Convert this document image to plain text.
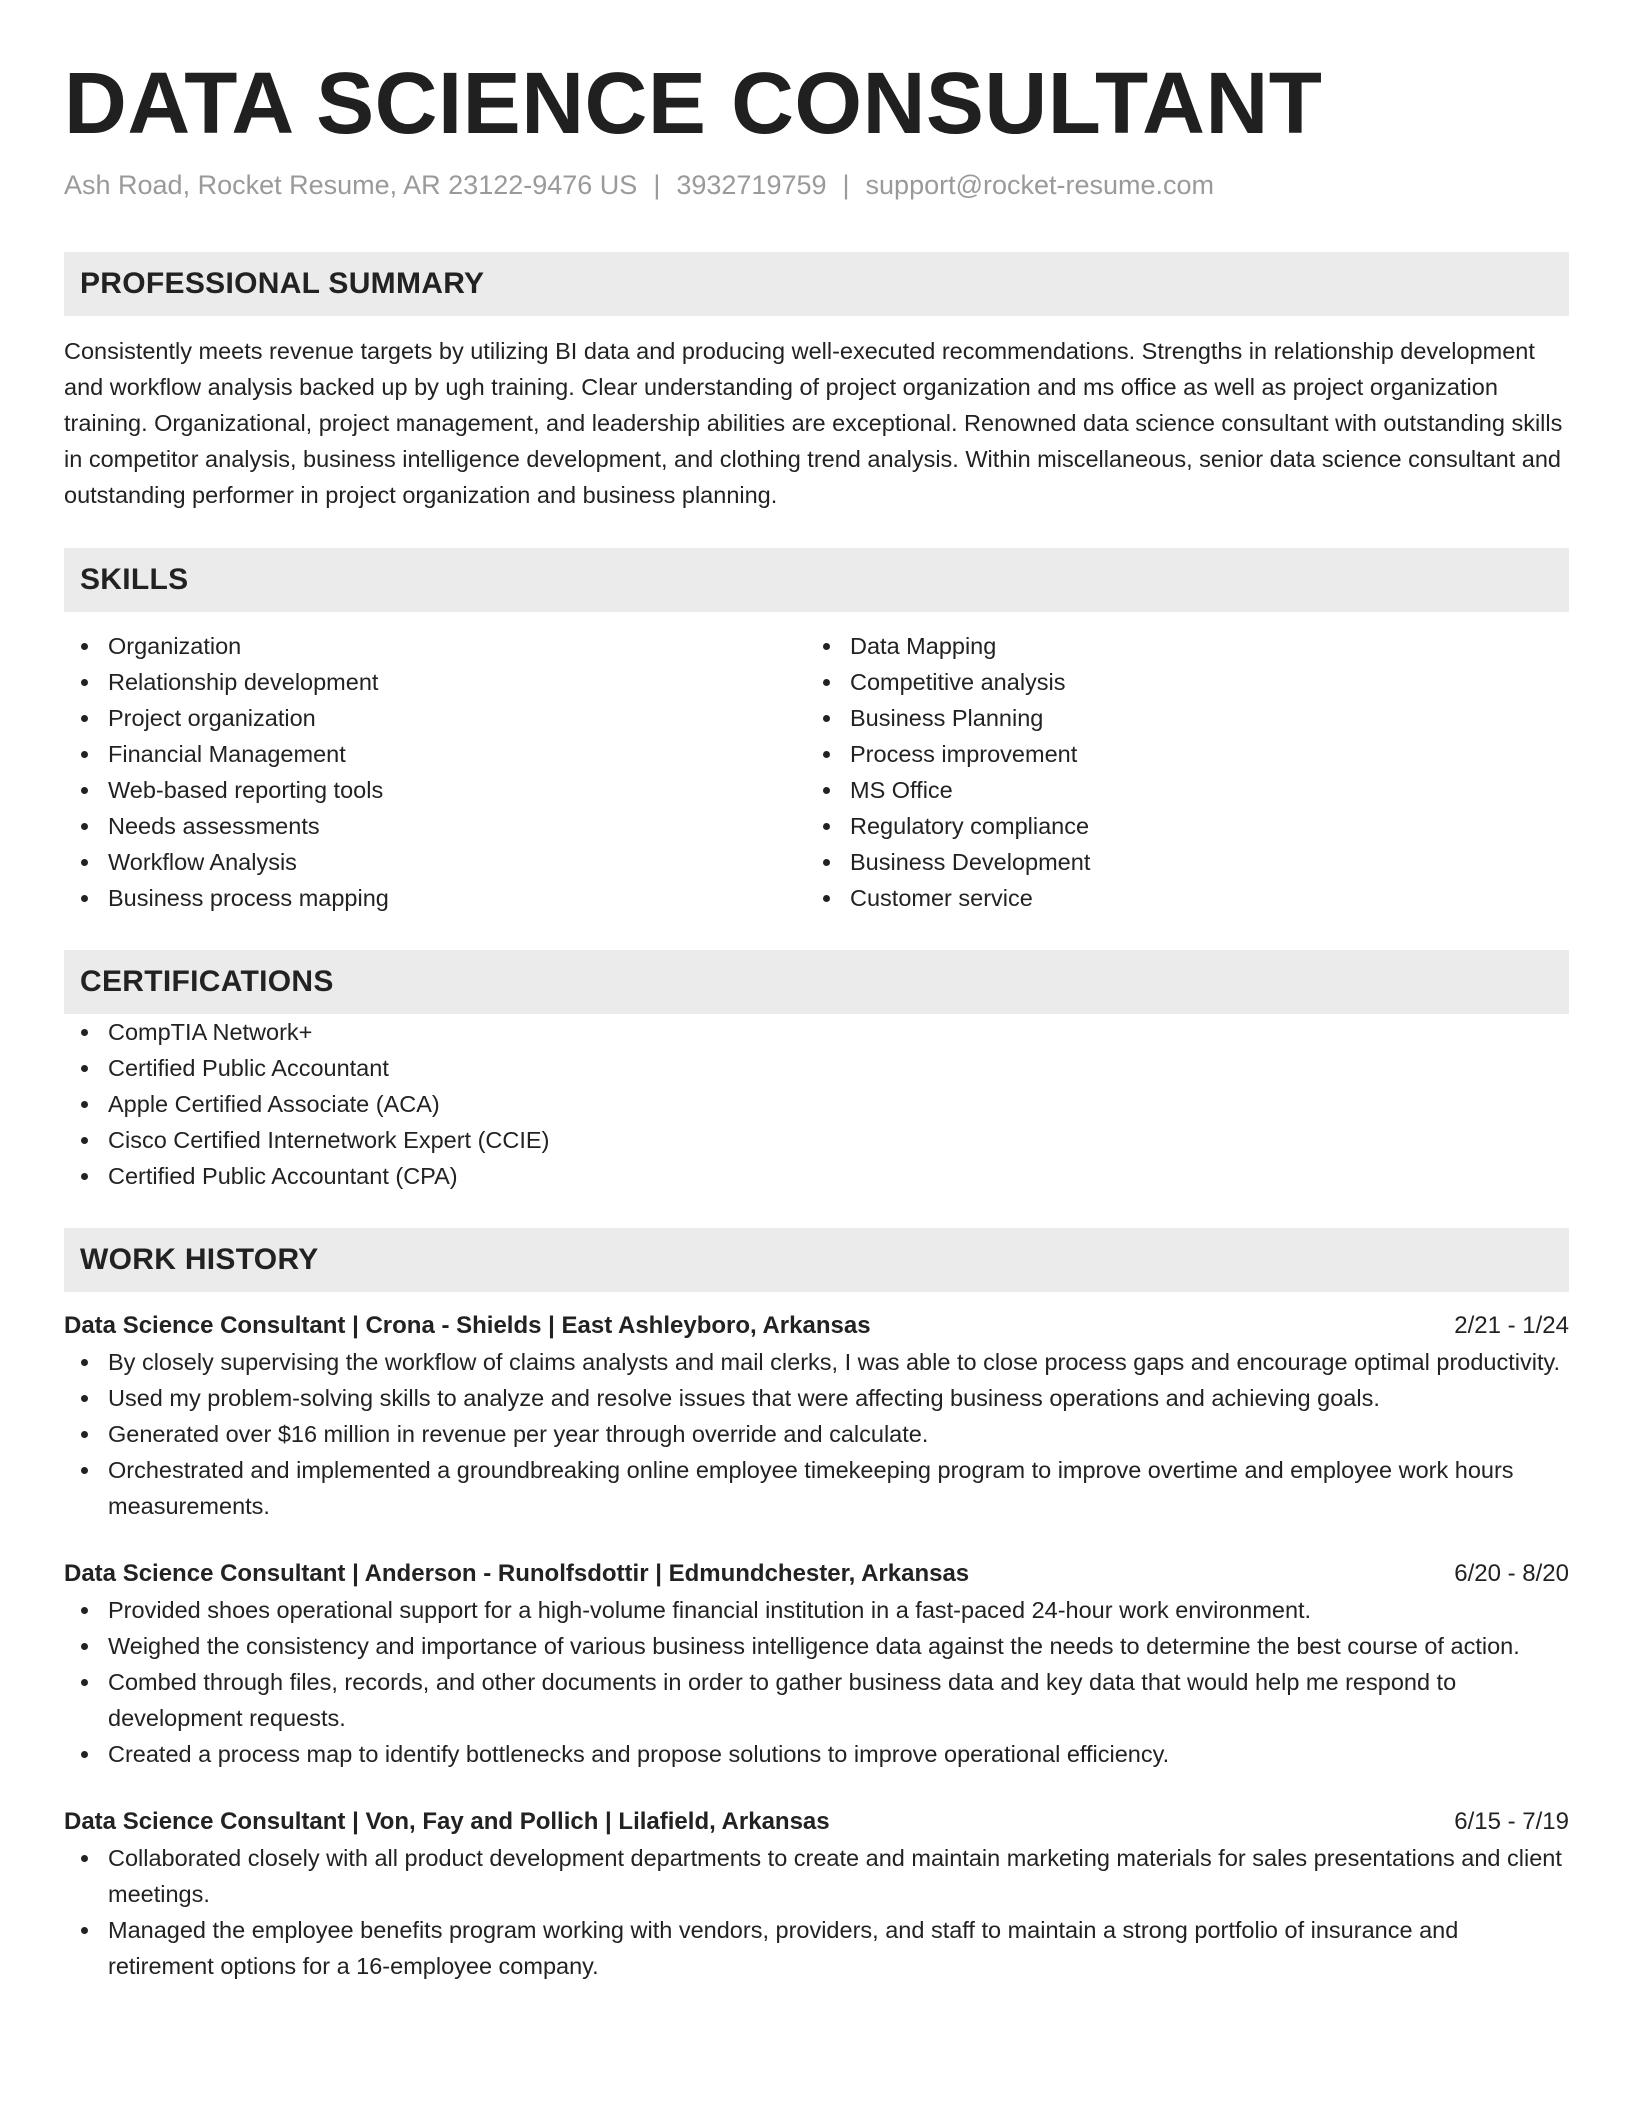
DATA SCIENCE CONSULTANT
Ash Road, Rocket Resume, AR 23122-9476 US | 3932719759 | support@rocket-resume.com
PROFESSIONAL SUMMARY

Consistently meets revenue targets by utilizing BI data and producing well-executed recommendations. Strengths in relationship development and workflow analysis backed up by ugh training. Clear understanding of project organization and ms office as well as project organization training. Organizational, project management, and leadership abilities are exceptional. Renowned data science consultant with outstanding skills in competitor analysis, business intelligence development, and clothing trend analysis. Within miscellaneous, senior data science consultant and outstanding performer in project organization and business planning.

SKILLS
Organization
Relationship development
Project organization
Financial Management
Web-based reporting tools
Needs assessments
Workflow Analysis
Business process mapping
Data Mapping
Competitive analysis
Business Planning
Process improvement
MS Office
Regulatory compliance
Business Development
Customer service
CERTIFICATIONS
CompTIA Network+
Certified Public Accountant
Apple Certified Associate (ACA)
Cisco Certified Internetwork Expert (CCIE)
Certified Public Accountant (CPA)
WORK HISTORY
Data Science Consultant | Crona - Shields | East Ashleyboro, Arkansas	2/21 - 1/24
By closely supervising the workflow of claims analysts and mail clerks, I was able to close process gaps and encourage optimal productivity.
Used my problem-solving skills to analyze and resolve issues that were affecting business operations and achieving goals.
Generated over $16 million in revenue per year through override and calculate.
Orchestrated and implemented a groundbreaking online employee timekeeping program to improve overtime and employee work hours measurements.
Data Science Consultant | Anderson - Runolfsdottir | Edmundchester, Arkansas	6/20 - 8/20
Provided shoes operational support for a high-volume financial institution in a fast-paced 24-hour work environment.
Weighed the consistency and importance of various business intelligence data against the needs to determine the best course of action.
Combed through files, records, and other documents in order to gather business data and key data that would help me respond to development requests.
Created a process map to identify bottlenecks and propose solutions to improve operational efficiency.
Data Science Consultant | Von, Fay and Pollich | Lilafield, Arkansas	6/15 - 7/19
Collaborated closely with all product development departments to create and maintain marketing materials for sales presentations and client meetings.
Managed the employee benefits program working with vendors, providers, and staff to maintain a strong portfolio of insurance and retirement options for a 16-employee company.
